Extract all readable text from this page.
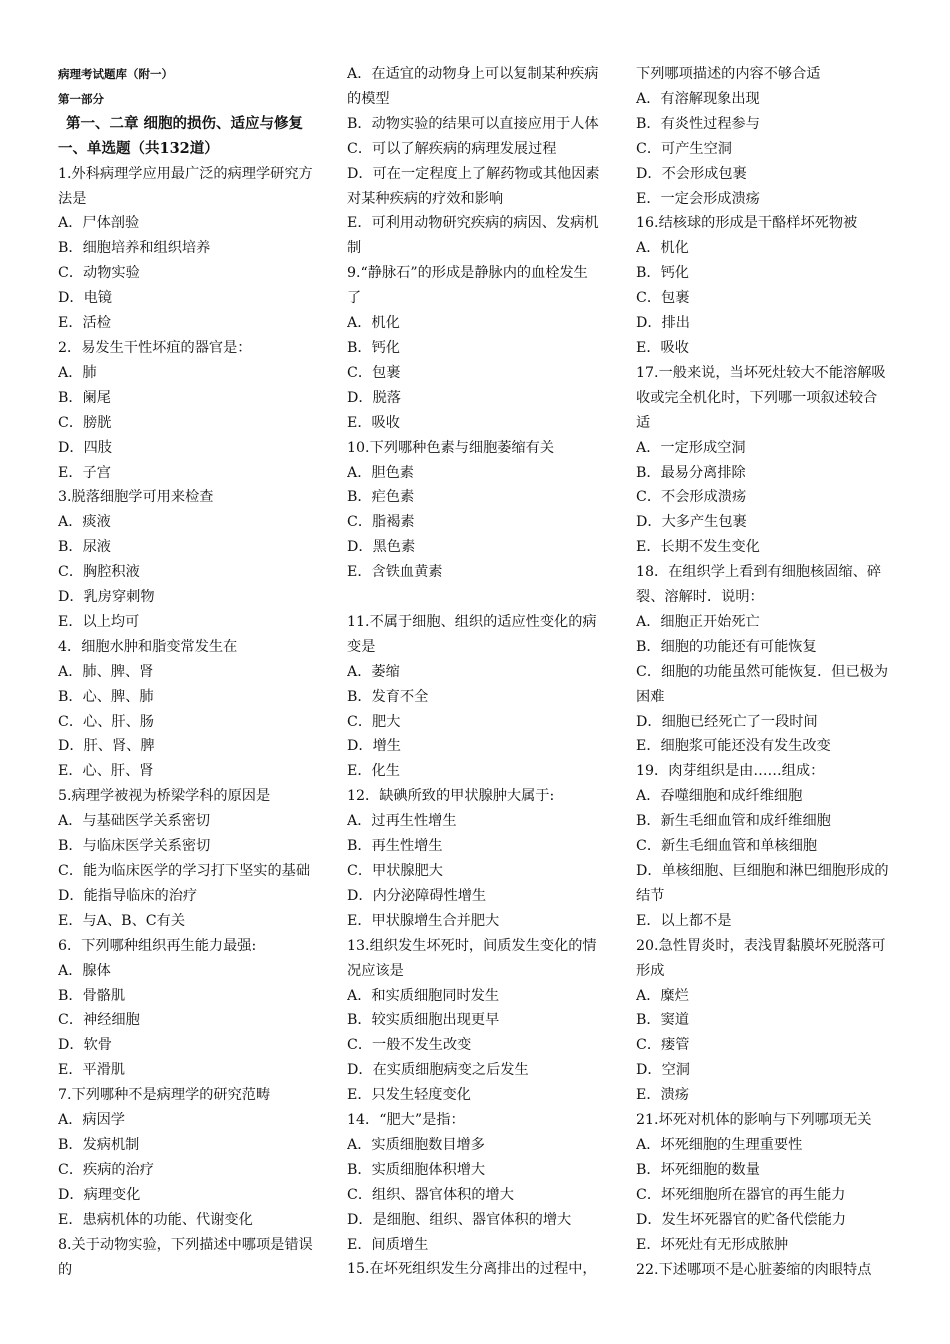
病理考试题库（附一）
第一部分
第一、二章 细胞的损伤、适应与修复
一、单选题（共132道）
1.外科病理学应用最广泛的病理学研究方
法是
A．尸体剖验
B．细胞培养和组织培养
C．动物实验
D．电镜
E．活检
2．易发生干性坏疽的器官是：
A．肺
B．阑尾
C．膀胱
D．四肢
E．子宫
3.脱落细胞学可用来检查
A．痰液
B．尿液
C．胸腔积液
D．乳房穿刺物
E．以上均可
4．细胞水肿和脂变常发生在
A．肺、脾、肾
B．心、脾、肺
C．心、肝、肠
D．肝、肾、脾
E．心、肝、肾
5.病理学被视为桥梁学科的原因是
A．与基础医学关系密切
B．与临床医学关系密切
C．能为临床医学的学习打下坚实的基础
D．能指导临床的治疗
E．与A、B、C有关
6．下列哪种组织再生能力最强:
A．腺体
B．骨骼肌
C．神经细胞
D．软骨
E．平滑肌
7.下列哪种不是病理学的研究范畴
A．病因学
B．发病机制
C．疾病的治疗
D．病理变化
E．患病机体的功能、代谢变化
8.关于动物实验，下列描述中哪项是错误
的
A．在适宜的动物身上可以复制某种疾病
的模型
B．动物实验的结果可以直接应用于人体
C．可以了解疾病的病理发展过程
D．可在一定程度上了解药物或其他因素
对某种疾病的疗效和影响
E．可利用动物研究疾病的病因、发病机
制
9.“静脉石”的形成是静脉内的血栓发生
了
A．机化
B．钙化
C．包裹
D．脱落
E．吸收
10.下列哪种色素与细胞萎缩有关
A．胆色素
B．疟色素
C．脂褐素
D．黑色素
E．含铁血黄素
11.不属于细胞、组织的适应性变化的病
变是
A．萎缩
B．发育不全
C．肥大
D．增生
E．化生
12．缺碘所致的甲状腺肿大属于:
A．过再生性增生
B．再生性增生
C．甲状腺肥大
D．内分泌障碍性增生
E．甲状腺增生合并肥大
13.组织发生坏死时，间质发生变化的情
况应该是
A．和实质细胞同时发生
B．较实质细胞出现更早
C．一般不发生改变
D．在实质细胞病变之后发生
E．只发生轻度变化
14．“肥大”是指：
A．实质细胞数目增多
B．实质细胞体积增大
C．组织、器官体积的增大
D．是细胞、组织、器官体积的增大
E．间质增生
15.在坏死组织发生分离排出的过程中，
下列哪项描述的内容不够合适
A．有溶解现象出现
B．有炎性过程参与
C．可产生空洞
D．不会形成包裹
E．一定会形成溃疡
16.结核球的形成是干酪样坏死物被
A．机化
B．钙化
C．包裹
D．排出
E．吸收
17.一般来说，当坏死灶较大不能溶解吸
收或完全机化时，下列哪一项叙述较合
适
A．一定形成空洞
B．最易分离排除
C．不会形成溃疡
D．大多产生包裹
E．长期不发生变化
18．在组织学上看到有细胞核固缩、碎
裂、溶解时．说明：
A．细胞正开始死亡
B．细胞的功能还有可能恢复
C．细胞的功能虽然可能恢复．但已极为
困难
D．细胞已经死亡了一段时间
E．细胞浆可能还没有发生改变
19．肉芽组织是由……组成：
A．吞噬细胞和成纤维细胞
B．新生毛细血管和成纤维细胞
C．新生毛细血管和单核细胞
D．单核细胞、巨细胞和淋巴细胞形成的
结节
E．以上都不是
20.急性胃炎时，表浅胃黏膜坏死脱落可
形成
A．糜烂
B．窦道
C．瘘管
D．空洞
E．溃疡
21.坏死对机体的影响与下列哪项无关
A．坏死细胞的生理重要性
B．坏死细胞的数量
C．坏死细胞所在器官的再生能力
D．发生坏死器官的贮备代偿能力
E．坏死灶有无形成脓肿
22.下述哪项不是心脏萎缩的肉眼特点
